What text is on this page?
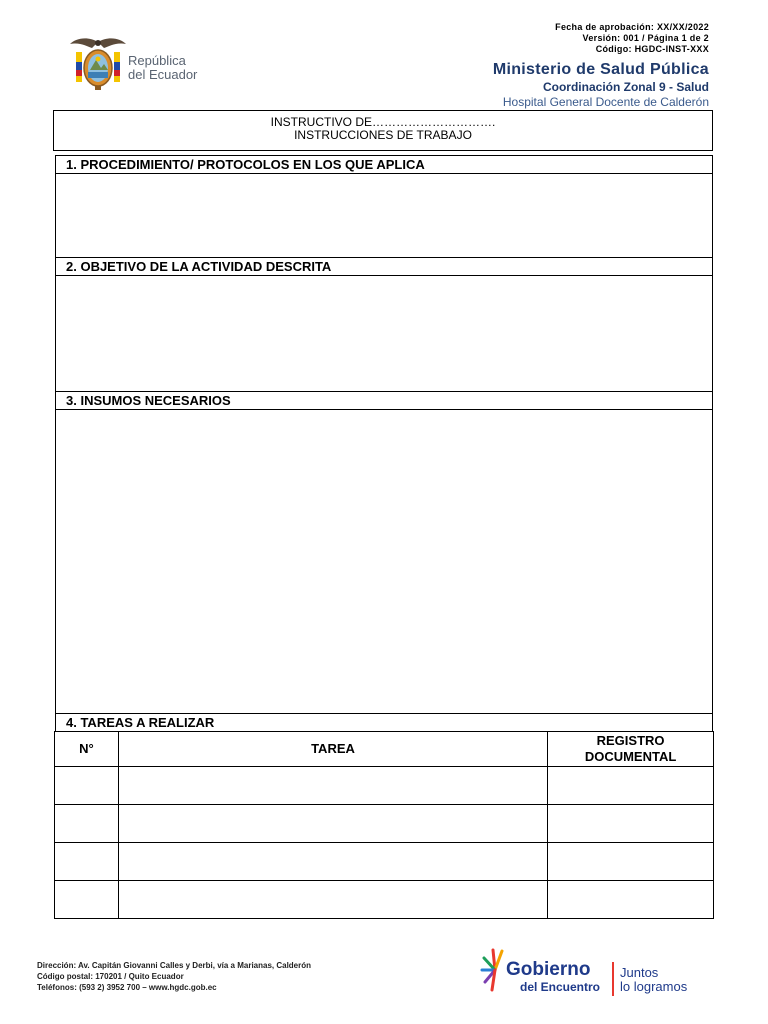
Fecha de aprobación: XX/XX/2022
Versión: 001 / Página 1 de 2
Código: HGDC-INST-XXX
República
del Ecuador	Ministerio de Salud Pública
Coordinación Zonal 9 - Salud
Hospital General Docente de Calderón
INSTRUCTIVO DE………………………….
INSTRUCCIONES DE TRABAJO
1. PROCEDIMIENTO/ PROTOCOLOS EN LOS QUE APLICA
2. OBJETIVO DE LA ACTIVIDAD DESCRITA
3. INSUMOS NECESARIOS
4. TAREAS A REALIZAR
N°	TAREA	REGISTRO DOCUMENTAL

Dirección: Av. Capitán Giovanni Calles y Derbi, vía a Marianas, Calderón
Código postal: 170201 / Quito Ecuador
Teléfonos: (593 2) 3952 700 – www.hgdc.gob.ec
Gobierno
del Encuentro
Juntos
lo logramos
